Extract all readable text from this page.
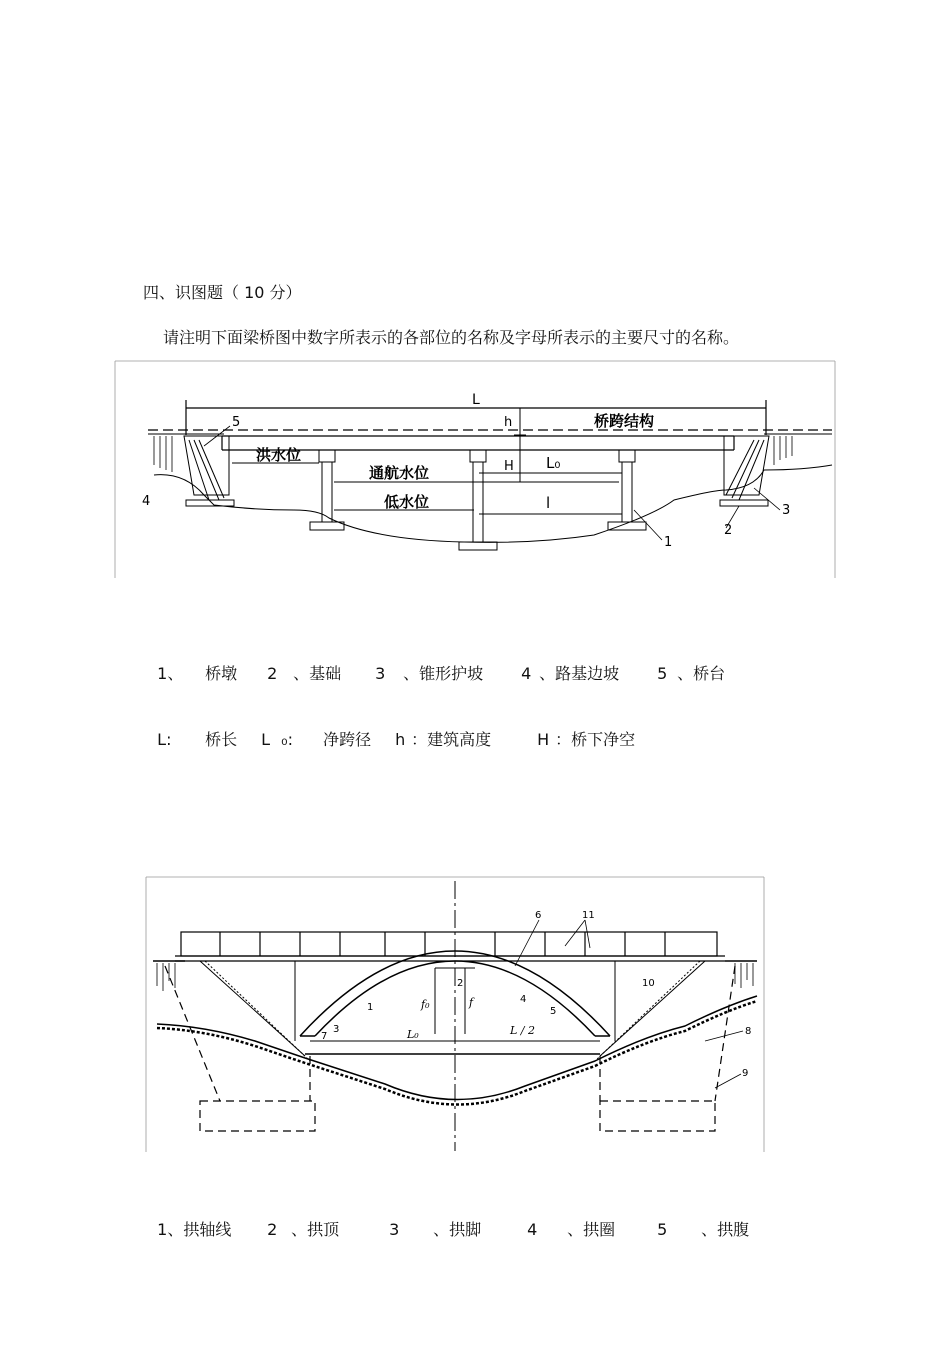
四、识图题（ 10 分）
请注明下面梁桥图中数字所表示的各部位的名称及字母所表示的主要尺寸的名称。
L
桥跨结构
洪水位
通航水位
低水位
L₀
l
h
H
5
4
1
2
3

1、 桥墩 2 、基础 3 、锥形护坡 4 、路基边坡 5 、桥台

L: 桥长 L ₀: 净跨径 h ：建筑高度	H ：桥下净空

f₀	f
L₀	L / 2
1
2
3
4
5
6
7	8
9
10
11

1、拱轴线 2 、拱顶	3 、拱脚	4 、拱圈	5 、拱腹
